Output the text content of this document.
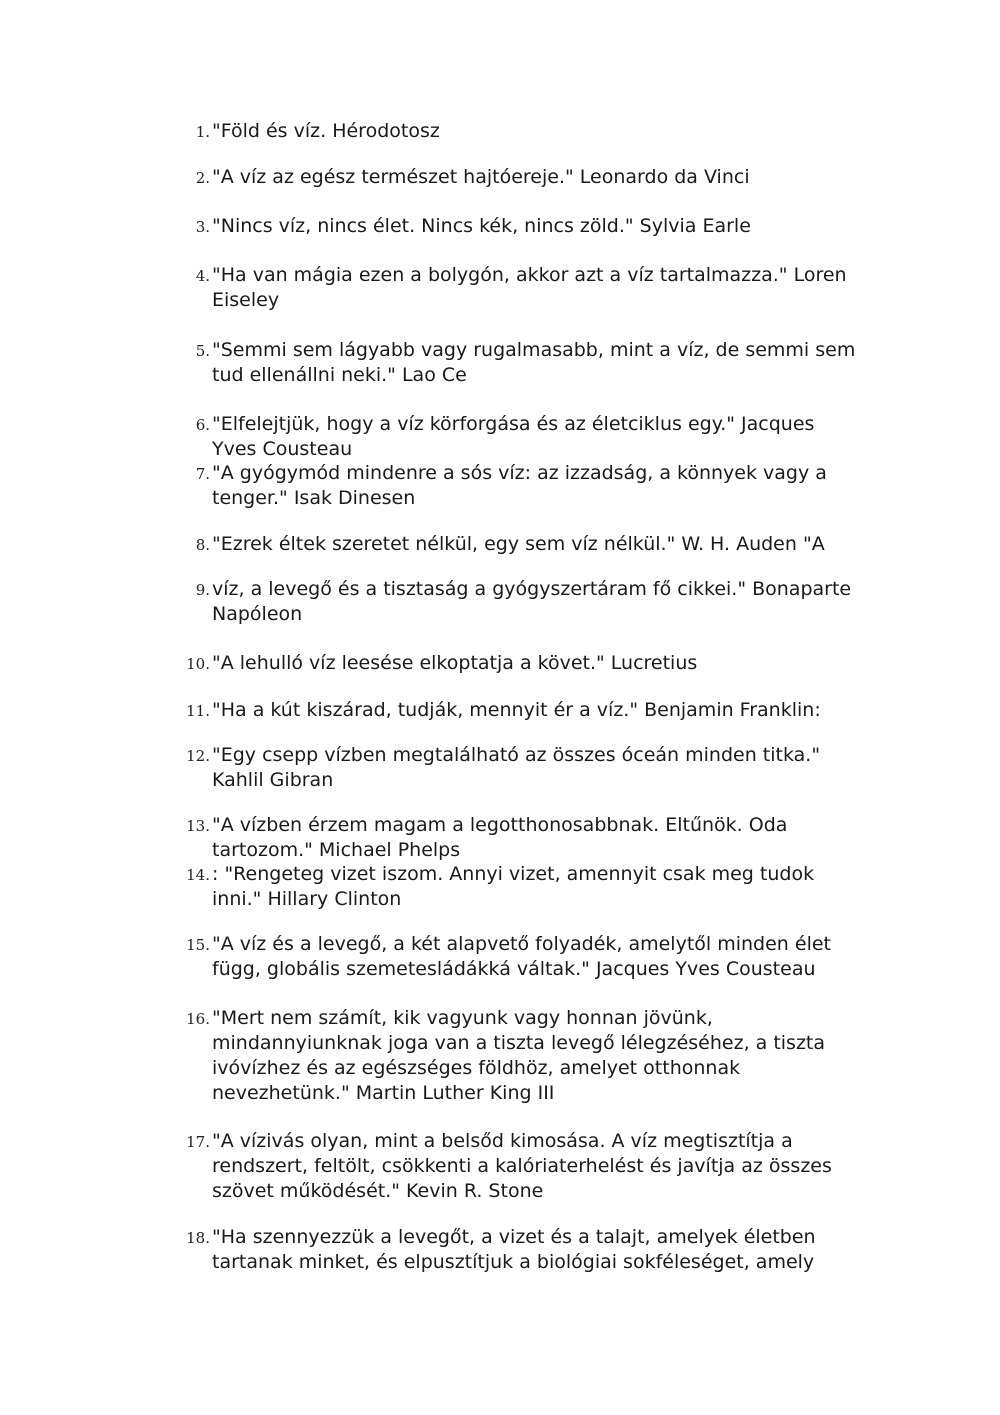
1. "Föld és víz. Hérodotosz
2. "A víz az egész természet hajtóereje." Leonardo da Vinci
3. "Nincs víz, nincs élet. Nincs kék, nincs zöld." Sylvia Earle
4. "Ha van mágia ezen a bolygón, akkor azt a víz tartalmazza." Loren
Eiseley
5. "Semmi sem lágyabb vagy rugalmasabb, mint a víz, de semmi sem
tud ellenállni neki." Lao Ce
6. "Elfelejtjük, hogy a víz körforgása és az életciklus egy." Jacques
Yves Cousteau
7. "A gyógymód mindenre a sós víz: az izzadság, a könnyek vagy a
tenger." Isak Dinesen
8. "Ezrek éltek szeretet nélkül, egy sem víz nélkül." W. H. Auden "A
9. víz, a levegő és a tisztaság a gyógyszertáram fő cikkei." Bonaparte
Napóleon
10. "A lehulló víz leesése elkoptatja a követ." Lucretius
11. "Ha a kút kiszárad, tudják, mennyit ér a víz." Benjamin Franklin:
12. "Egy csepp vízben megtalálható az összes óceán minden titka."
Kahlil Gibran
13. "A vízben érzem magam a legotthonosabbnak. Eltűnök. Oda
tartozom." Michael Phelps
14. : "Rengeteg vizet iszom. Annyi vizet, amennyit csak meg tudok
inni." Hillary Clinton
15. "A víz és a levegő, a két alapvető folyadék, amelytől minden élet
függ, globális szemetesládákká váltak." Jacques Yves Cousteau
16. "Mert nem számít, kik vagyunk vagy honnan jövünk,
mindannyiunknak joga van a tiszta levegő lélegzéséhez, a tiszta
ivóvízhez és az egészséges földhöz, amelyet otthonnak
nevezhetünk." Martin Luther King III
17. "A vízivás olyan, mint a belsőd kimosása. A víz megtisztítja a
rendszert, feltölt, csökkenti a kalóriaterhelést és javítja az összes
szövet működését." Kevin R. Stone
18. "Ha szennyezzük a levegőt, a vizet és a talajt, amelyek életben
tartanak minket, és elpusztítjuk a biológiai sokféleséget, amely
